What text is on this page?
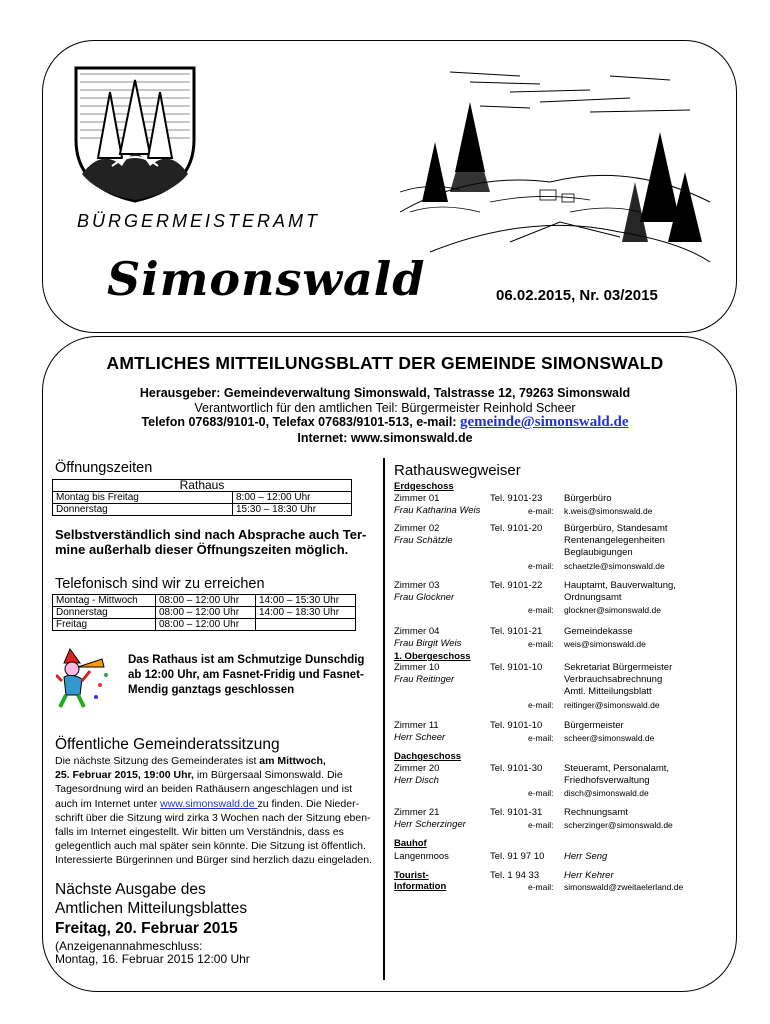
BÜRGERMEISTERAMT
Simonswald	06.02.2015, Nr. 03/2015
AMTLICHES MITTEILUNGSBLATT DER GEMEINDE SIMONSWALD
Herausgeber: Gemeindeverwaltung Simonswald, Talstrasse 12, 79263 Simonswald
Verantwortlich für den amtlichen Teil: Bürgermeister Reinhold Scheer
Telefon 07683/9101-0, Telefax 07683/9101-513, e-mail: gemeinde@simonswald.de
Internet: www.simonswald.de
Öffnungszeiten
Rathaus	
Montag bis Freitag	8:00 – 12:00 Uhr
Donnerstag	15:30 – 18:30 Uhr
Selbstverständlich sind nach Absprache auch Ter-
mine außerhalb dieser Öffnungszeiten möglich.
Telefonisch sind wir zu erreichen
Montag - Mittwoch	08:00 – 12:00 Uhr	14:00 – 15:30 Uhr
Donnerstag	08:00 – 12:00 Uhr	14:00 – 18:30 Uhr
Freitag	08:00 – 12:00 Uhr	
Das Rathaus ist am Schmutzige Dunschdig
ab 12:00 Uhr, am Fasnet-Fridig und Fasnet-
Mendig ganztags geschlossen
Öffentliche Gemeinderatssitzung
Die nächste Sitzung des Gemeinderates ist am Mittwoch,
25. Februar 2015, 19:00 Uhr, im Bürgersaal Simonswald. Die
Tagesordnung wird an beiden Rathäusern angeschlagen und ist
auch im Internet unter www.simonswald.de zu finden. Die Nieder-
schrift über die Sitzung wird zirka 3 Wochen nach der Sitzung eben-
falls im Internet eingestellt. Wir bitten um Verständnis, dass es
gelegentlich auch mal später sein könnte. Die Sitzung ist öffentlich.
Interessierte Bürgerinnen und Bürger sind herzlich dazu eingeladen.
Nächste Ausgabe des
Amtlichen Mitteilungsblattes
Freitag, 20. Februar 2015
(Anzeigenannahmeschluss:
Montag, 16. Februar 2015 12:00 Uhr
Rathauswegweiser
Erdgeschoss
Zimmer 01
Frau Katharina Weis
Tel. 9101-23 Bürgerbüro
e-mail: k.weis@simonswald.de
Zimmer 02
Frau Schätzle
Tel. 9101-20 Bürgerbüro, Standesamt
Rentenangelegenheiten
Beglaubigungen
e-mail: schaetzle@simonswald.de
Zimmer 03
Frau Glockner
Tel. 9101-22 Hauptamt, Bauverwaltung,
Ordnungsamt
e-mail: glockner@simonswald.de
Zimmer 04
Frau Birgit Weis
Tel. 9101-21 Gemeindekasse
e-mail: weis@simonswald.de
1. Obergeschoss
Zimmer 10
Frau Reitinger
Tel. 9101-10 Sekretariat Bürgermeister
Verbrauchsabrechnung
Amtl. Mitteilungsblatt
e-mail: reitinger@simonswald.de
Zimmer 11
Herr Scheer
Tel. 9101-10 Bürgermeister
e-mail: scheer@simonswald.de
Dachgeschoss
Zimmer 20
Herr Disch
Tel. 9101-30 Steueramt, Personalamt,
Friedhofsverwaltung
e-mail: disch@simonswald.de
Zimmer 21
Herr Scherzinger
Tel. 9101-31 Rechnungsamt
e-mail: scherzinger@simonswald.de
Bauhof
Langenmoos	Tel. 91 97 10 Herr Seng
Tourist-
Information
Tel. 1 94 33	Herr Kehrer
e-mail: simonswald@zweitaelerland.de
